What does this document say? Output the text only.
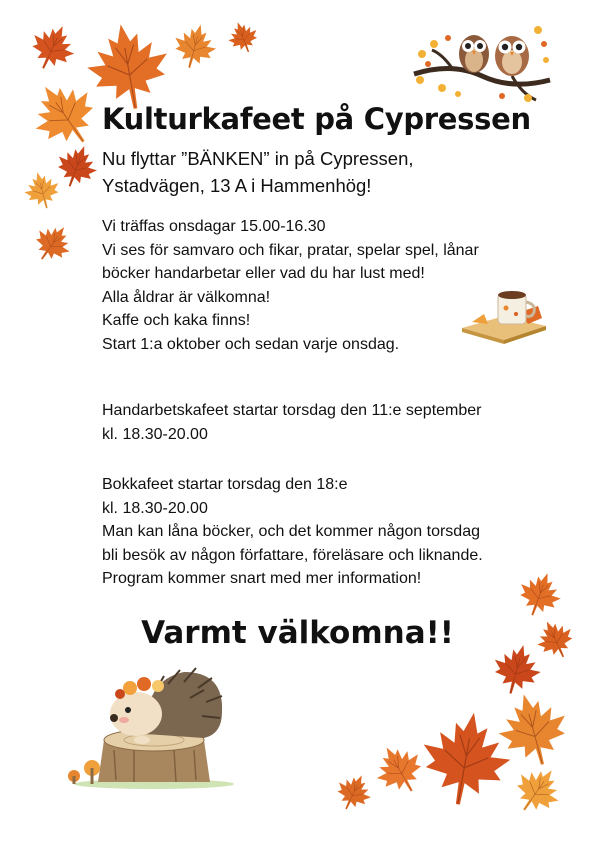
Kulturkafeet på Cypressen
Nu flyttar ”BÄNKEN” in på Cypressen,
Ystadvägen, 13 A i Hammenhög!
Vi träffas onsdagar 15.00-16.30
Vi ses för samvaro och fikar, pratar, spelar spel, lånar
böcker handarbetar eller vad du har lust med!
Alla åldrar är välkomna!
Kaffe och kaka finns!
Start 1:a oktober och sedan varje onsdag.
Handarbetskafeet startar torsdag den 11:e september
kl. 18.30-20.00
Bokkafeet startar torsdag den 18:e
kl. 18.30-20.00
Man kan låna böcker, och det kommer någon torsdag
bli besök av någon författare, föreläsare och liknande.
Program kommer snart med mer information!
Varmt välkomna!!
